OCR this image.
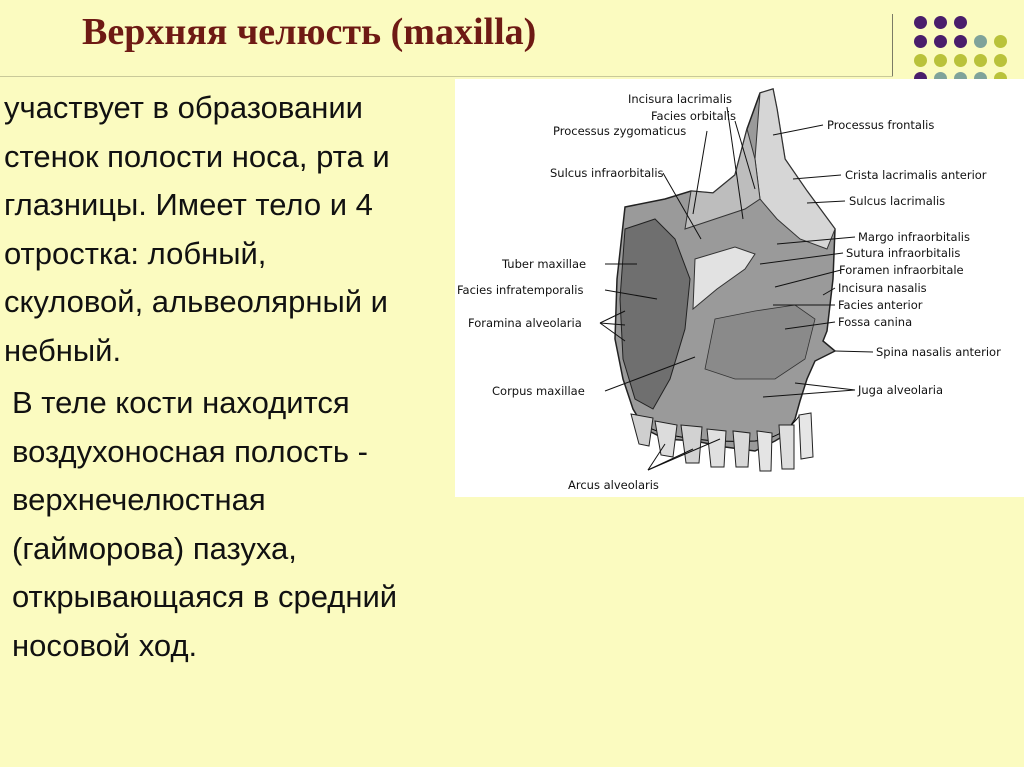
Верхняя челюсть (maxilla)
участвует в образовании
стенок полости носа, рта и
глазницы. Имеет тело и 4
отростка: лобный,
скуловой, альвеолярный и
небный.
В теле кости находится
воздухоносная полость -
верхнечелюстная
(гайморова) пазуха,
открывающаяся в средний
носовой ход.
Incisura lacrimalis
Facies orbitalis
Processus zygomaticus
Sulcus infraorbitalis
Tuber maxillae
Facies infratemporalis
Foramina alveolaria
Corpus maxillae
Arcus alveolaris
Processus frontalis
Crista lacrimalis anterior
Sulcus lacrimalis
Margo infraorbitalis
Sutura infraorbitalis
Foramen infraorbitale
Incisura nasalis
Facies anterior
Fossa canina
Spina nasalis anterior
Juga alveolaria
